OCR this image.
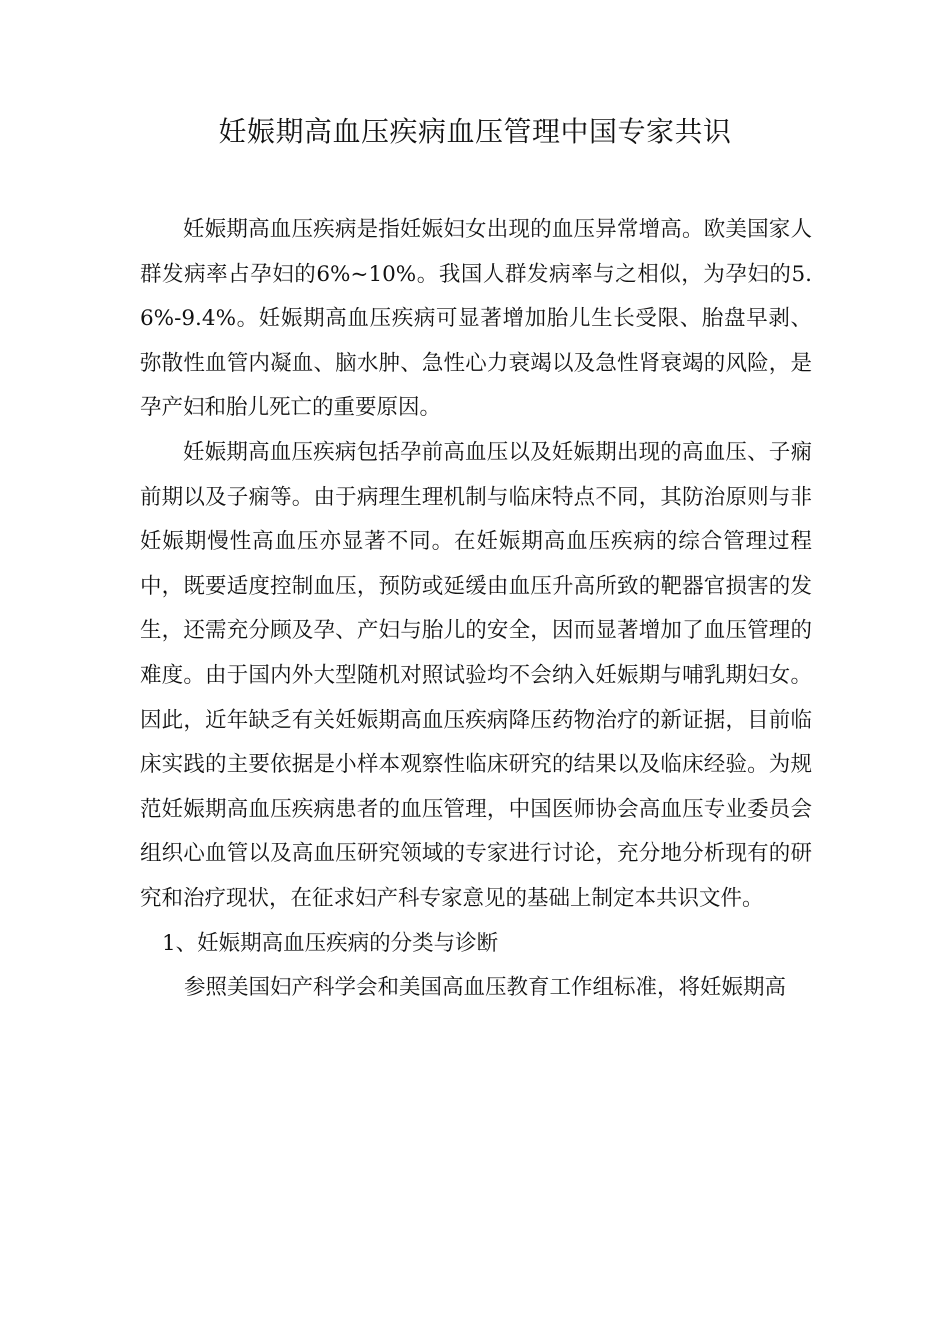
妊娠期高血压疾病血压管理中国专家共识

妊娠期高血压疾病是指妊娠妇女出现的血压异常增高。欧美国家人群发病率占孕妇的6%~10%。我国人群发病率与之相似，为孕妇的5.6%-9.4%。妊娠期高血压疾病可显著增加胎儿生长受限、胎盘早剥、弥散性血管内凝血、脑水肿、急性心力衰竭以及急性肾衰竭的风险，是孕产妇和胎儿死亡的重要原因。

妊娠期高血压疾病包括孕前高血压以及妊娠期出现的高血压、子痫前期以及子痫等。由于病理生理机制与临床特点不同，其防治原则与非妊娠期慢性高血压亦显著不同。在妊娠期高血压疾病的综合管理过程中，既要适度控制血压，预防或延缓由血压升高所致的靶器官损害的发生，还需充分顾及孕、产妇与胎儿的安全，因而显著增加了血压管理的难度。由于国内外大型随机对照试验均不会纳入妊娠期与哺乳期妇女。因此，近年缺乏有关妊娠期高血压疾病降压药物治疗的新证据，目前临床实践的主要依据是小样本观察性临床研究的结果以及临床经验。为规范妊娠期高血压疾病患者的血压管理，中国医师协会高血压专业委员会组织心血管以及高血压研究领域的专家进行讨论，充分地分析现有的研究和治疗现状，在征求妇产科专家意见的基础上制定本共识文件。

1、妊娠期高血压疾病的分类与诊断

参照美国妇产科学会和美国高血压教育工作组标准，将妊娠期高
